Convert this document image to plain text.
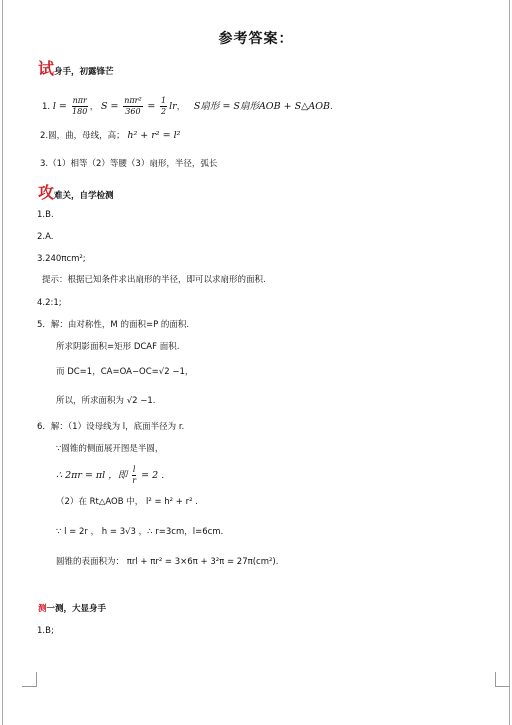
参考答案：
试身手，初露锋芒
1. $l = \frac{\text{nπr}}{180}$ ， $S = \frac{\text{nπr²}}{360} = \frac{1}{2}$ lr， S扇形 = S扇形AOB + S△AOB.
2.圆，曲，母线，高； h² + r² = l²
3.（1）相等（2）等腰（3）扇形，半径，弧长
攻难关，自学检测
1.B.
2.A.
3.240πcm²;
提示：根据已知条件求出扇形的半径，即可以求扇形的面积.
4.2:1;
5．解：由对称性，M 的面积=P 的面积.
所求阴影面积=矩形 DCAF 面积.
而 DC=1，CA=OA−OC=√2 −1，
所以，所求面积为 √2 −1.
6．解：（1）设母线为 l，底面半径为 r.
∵圆锥的侧面展开图是半圆，
∴ 2πr = πl ，即 $\frac{l}{r} = 2$ .
（2）在 Rt△AOB 中， l² = h² + r² .
∵ l = 2r ， h = 3√3 ，∴ r=3cm，l=6cm.
圆锥的表面积为： πrl + πr² = 3×6π + 3²π = 27π(cm²).
测一测，大显身手
1.B;
